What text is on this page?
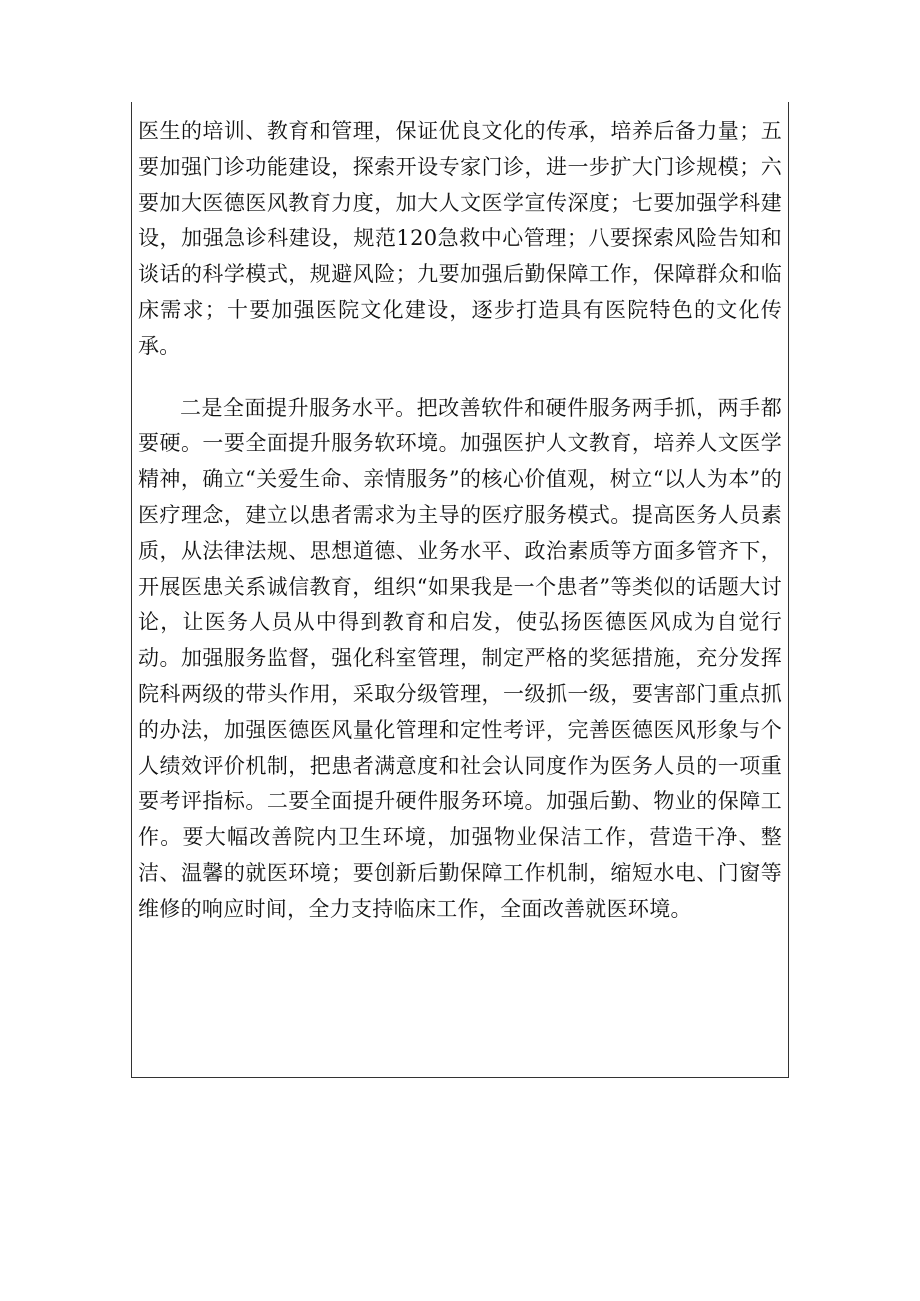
医生的培训、教育和管理，保证优良文化的传承，培养后备力量；五要加强门诊功能建设，探索开设专家门诊，进一步扩大门诊规模；六要加大医德医风教育力度，加大人文医学宣传深度；七要加强学科建设，加强急诊科建设，规范120急救中心管理；八要探索风险告知和谈话的科学模式，规避风险；九要加强后勤保障工作，保障群众和临床需求；十要加强医院文化建设，逐步打造具有医院特色的文化传承。

二是全面提升服务水平。把改善软件和硬件服务两手抓，两手都要硬。一要全面提升服务软环境。加强医护人文教育，培养人文医学精神，确立“关爱生命、亲情服务”的核心价值观，树立“以人为本”的医疗理念，建立以患者需求为主导的医疗服务模式。提高医务人员素质，从法律法规、思想道德、业务水平、政治素质等方面多管齐下，开展医患关系诚信教育，组织“如果我是一个患者”等类似的话题大讨论，让医务人员从中得到教育和启发，使弘扬医德医风成为自觉行动。加强服务监督，强化科室管理，制定严格的奖惩措施，充分发挥院科两级的带头作用，采取分级管理，一级抓一级，要害部门重点抓的办法，加强医德医风量化管理和定性考评，完善医德医风形象与个人绩效评价机制，把患者满意度和社会认同度作为医务人员的一项重要考评指标。二要全面提升硬件服务环境。加强后勤、物业的保障工作。要大幅改善院内卫生环境，加强物业保洁工作，营造干净、整洁、温馨的就医环境；要创新后勤保障工作机制，缩短水电、门窗等维修的响应时间，全力支持临床工作，全面改善就医环境。
